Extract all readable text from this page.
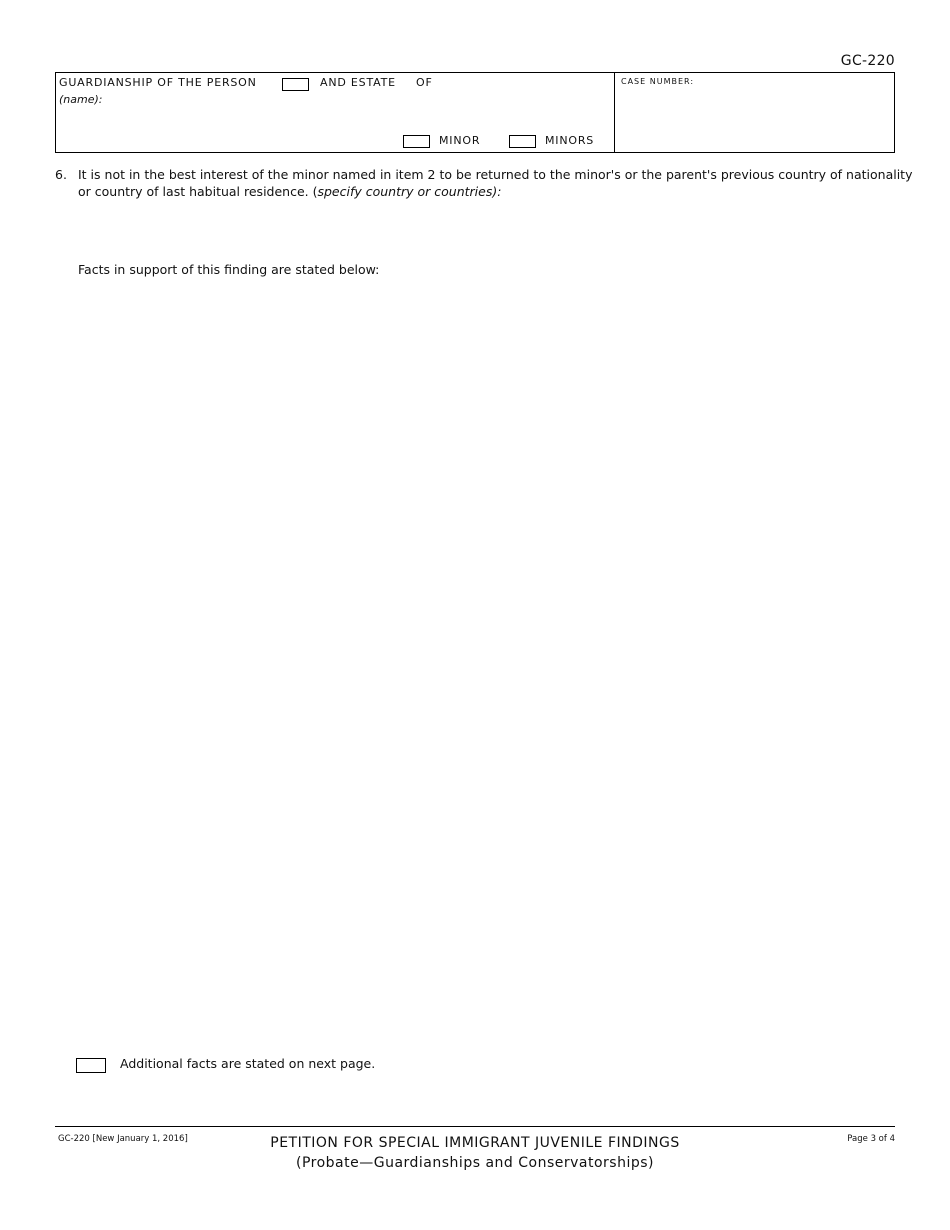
GC-220
GUARDIANSHIP OF THE PERSON	AND ESTATE OF
(name):
MINOR	MINORS
CASE NUMBER:
6. It is not in the best interest of the minor named in item 2 to be returned to the minor's or the parent's previous country of nationality
or country of last habitual residence. (specify country or countries):
Facts in support of this finding are stated below:
Additional facts are stated on next page.
GC-220 [New January 1, 2016]	PETITION FOR SPECIAL IMMIGRANT JUVENILE FINDINGS
(Probate—Guardianships and Conservatorships)
Page 3 of 4
